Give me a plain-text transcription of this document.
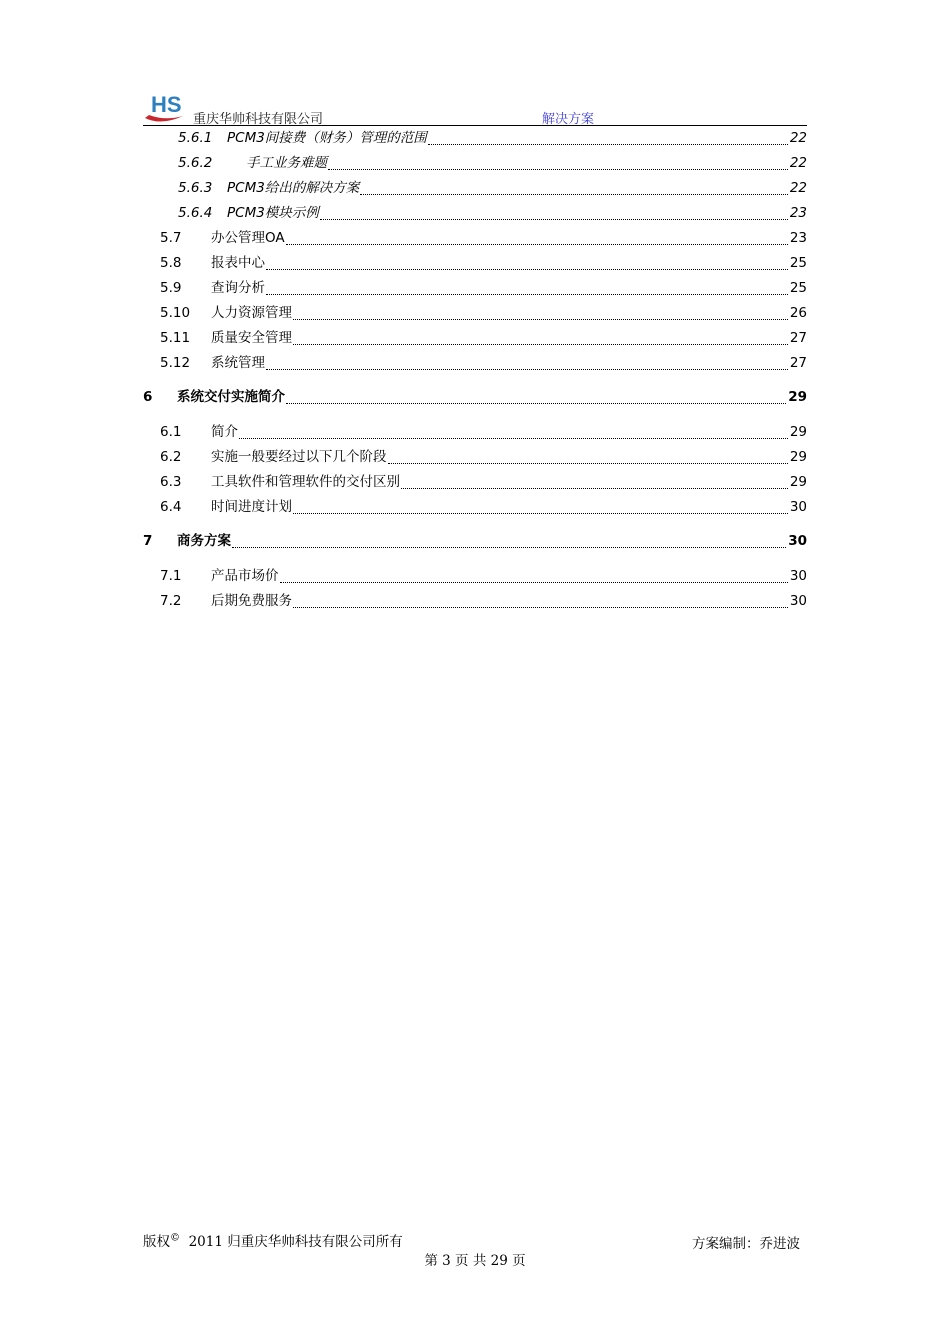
HS
重庆华帅科技有限公司	解决方案
5.6.1 PCM3间接费（财务）管理的范围	22
5.6.2 手工业务难题	22
5.6.3 PCM3给出的解决方案	22
5.6.4 PCM3模块示例	23
5.7 办公管理OA	23
5.8 报表中心	25
5.9 查询分析	25
5.10 人力资源管理	26
5.11 质量安全管理	27
5.12 系统管理	27
6 系统交付实施简介	29
6.1 简介	29
6.2 实施一般要经过以下几个阶段	29
6.3 工具软件和管理软件的交付区别	29
6.4 时间进度计划	30
7 商务方案	30
7.1 产品市场价	30
7.2 后期免费服务	30
版权© 2011 归重庆华帅科技有限公司所有	方案编制：乔进波
第 3 页 共 29 页
